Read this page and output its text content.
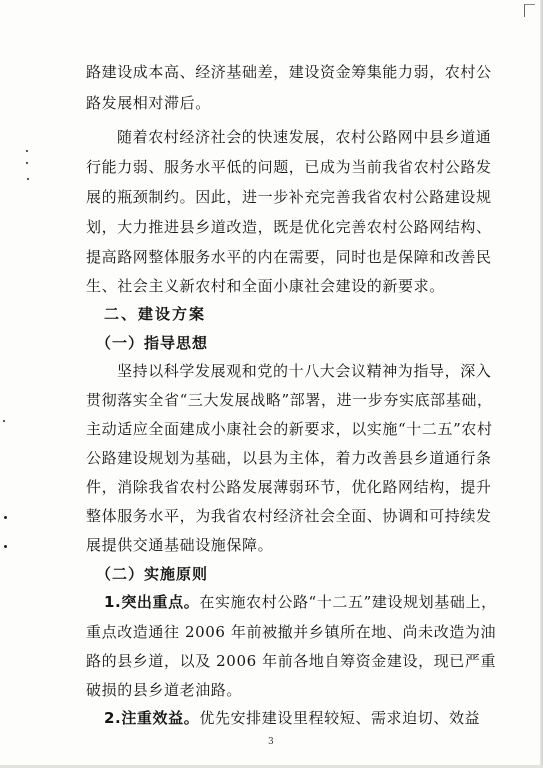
路建设成本高、经济基础差，建设资金筹集能力弱，农村公
路发展相对滞后。
随着农村经济社会的快速发展，农村公路网中县乡道通
行能力弱、服务水平低的问题，已成为当前我省农村公路发
展的瓶颈制约。因此，进一步补充完善我省农村公路建设规
划，大力推进县乡道改造，既是优化完善农村公路网结构、
提高路网整体服务水平的内在需要，同时也是保障和改善民
生、社会主义新农村和全面小康社会建设的新要求。
二、建设方案
（一）指导思想
坚持以科学发展观和党的十八大会议精神为指导，深入
贯彻落实全省“三大发展战略”部署，进一步夯实底部基础，
主动适应全面建成小康社会的新要求，以实施“十二五”农村
公路建设规划为基础，以县为主体，着力改善县乡道通行条
件，消除我省农村公路发展薄弱环节，优化路网结构，提升
整体服务水平，为我省农村经济社会全面、协调和可持续发
展提供交通基础设施保障。
（二）实施原则
1.突出重点。在实施农村公路“十二五”建设规划基础上，
重点改造通往 2006 年前被撤并乡镇所在地、尚未改造为油
路的县乡道，以及 2006 年前各地自筹资金建设，现已严重
破损的县乡道老油路。
2.注重效益。优先安排建设里程较短、需求迫切、效益
3
